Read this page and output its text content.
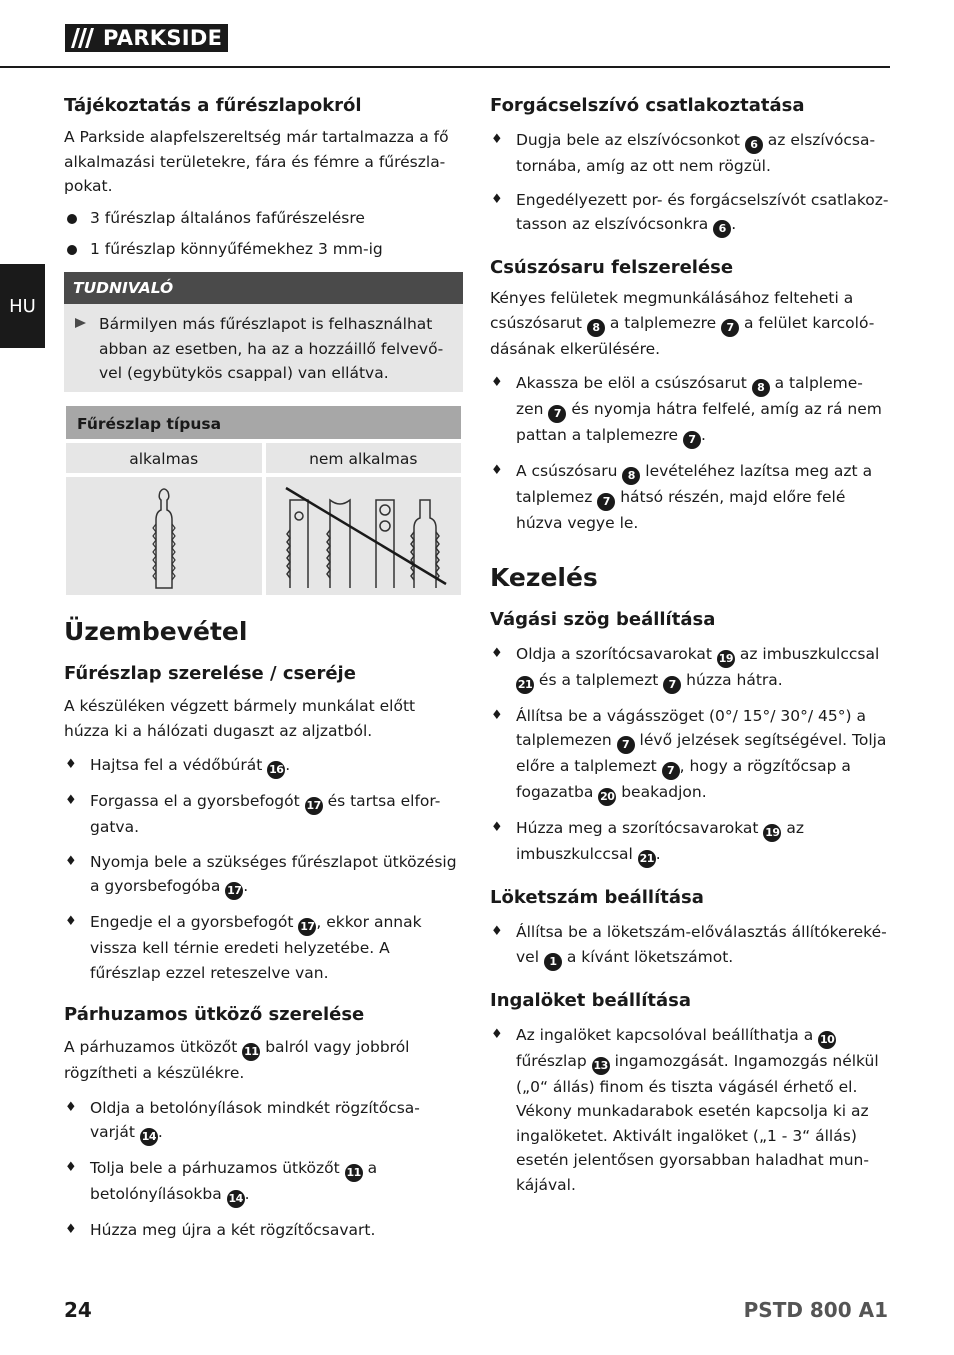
PARKSIDE
HU
Tájékoztatás a fűrészlapokról

A Parkside alapfelszereltség már tartalmazza a fő alkalmazási területekre, fára és fémre a fűrészla-pokat.

3 fűrészlap általános fafűrészelésre
1 fűrészlap könnyűfémekhez 3 mm-ig
TUDNIVALÓ
Bármilyen más fűrészlapot is felhasználhat abban az esetben, ha az a hozzáillő felvevő-vel (egybütykös csappal) van ellátva.
Fűrészlap típusa
alkalmas	nem alkalmas
Üzembevétel
Fűrészlap szerelése / cseréje

A készüléken végzett bármely munkálat előtt húzza ki a hálózati dugaszt az aljzatból.

♦ Hajtsa fel a védőbúrát 16 .
♦ Forgassa el a gyorsbefogót 17 és tartsa elfor-gatva.
♦ Nyomja bele a szükséges fűrészlapot ütközésig a gyorsbefogóba 17 .
♦ Engedje el a gyorsbefogót 17 , ekkor annak vissza kell térnie eredeti helyzetébe. A fűrészlap ezzel reteszelve van.
Párhuzamos ütköző szerelése

A párhuzamos ütközőt 11 balról vagy jobbról rögzítheti a készülékre.

♦ Oldja a betolónyílások mindkét rögzítőcsa-varját 14 .
♦ Tolja bele a párhuzamos ütközőt 11 a betolónyílásokba 14 .
♦ Húzza meg újra a két rögzítőcsavart.
Forgácselszívó csatlakoztatása
♦ Dugja bele az elszívócsonkot 6 az elszívócsa-tornába, amíg az ott nem rögzül.
♦ Engedélyezett por- és forgácselszívót csatlakoz-tasson az elszívócsonkra 6 .
Csúszósaru felszerelése

Kényes felületek megmunkálásához felteheti a csúszósarut 8 a talplemezre 7 a felület karcoló-dásának elkerülésére.

♦ Akassza be elöl a csúszósarut 8 a talpleme-zen 7 és nyomja hátra felfelé, amíg az rá nem pattan a talplemezre 7 .
♦ A csúszósaru 8 levételéhez lazítsa meg azt a talplemez 7 hátsó részén, majd előre felé húzva vegye le.
Kezelés
Vágási szög beállítása
♦ Oldja a szorítócsavarokat 19 az imbuszkulccsal 21 és a talplemezt 7 húzza hátra.
♦ Állítsa be a vágásszöget (0°/ 15°/ 30°/ 45°) a talplemezen 7 lévő jelzések segítségével. Tolja előre a talplemezt 7 , hogy a rögzítőcsap a fogazatba 20 beakadjon.
♦ Húzza meg a szorítócsavarokat 19 az imbuszkulccsal 21 .
Löketszám beállítása
♦ Állítsa be a löketszám-előválasztás állítókereké-vel 1 a kívánt löketszámot.
Ingalöket beállítása
♦ Az ingalöket kapcsolóval beállíthatja a 10 fűrészlap 13 ingamozgását. Ingamozgás nélkül („0“ állás) finom és tiszta vágásél érhető el. Vékony munkadarabok esetén kapcsolja ki az ingalöketet. Aktivált ingalöket („1 - 3“ állás) esetén jelentősen gyorsabban haladhat mun-kájával.
24	PSTD 800 A1
